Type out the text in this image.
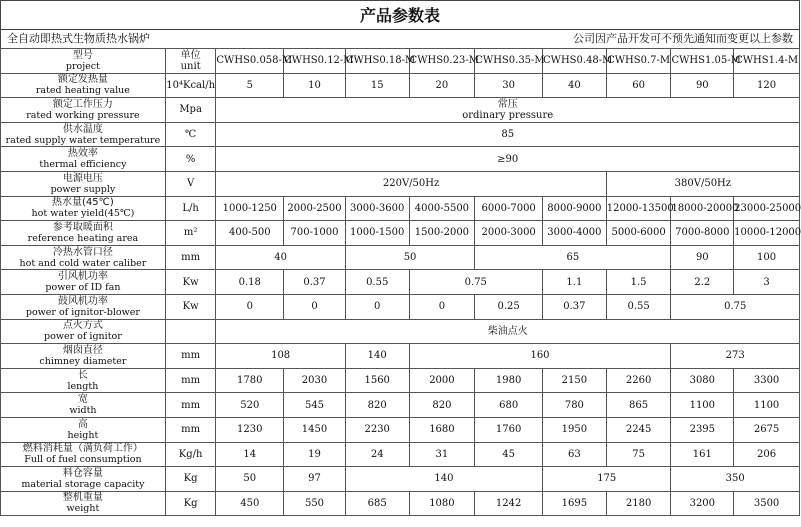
产品参数表
全自动即热式生物质热水锅炉	公司因产品开发可不预先通知而变更以上参数
型号
project	单位
unit	CWHS0.058-M	CWHS0.12-M	CWHS0.18-M	CWHS0.23-M	CWHS0.35-M	CWHS0.48-M	CWHS0.7-M	CWHS1.05-M	CWHS1.4-M

额定发热量
rated heating value	10⁴Kcal/h	5	10	15	20	30	40	60	90	120

额定工作压力
rated working pressure	Mpa	常压
ordinary pressure								

供水温度
rated supply water temperature	℃	85								

热效率
thermal efficiency	%	≥90								

电源电压
power supply	V	220V/50Hz						380V/50Hz		

热水量(45℃)
hot water yield(45℃)	L/h	1000-1250	2000-2500	3000-3600	4000-5500	6000-7000	8000-9000	12000-13500	18000-20000	23000-25000

参考取暖面积
reference heating area	m²	400-500	700-1000	1000-1500	1500-2000	2000-3000	3000-4000	5000-6000	7000-8000	10000-12000

冷热水管口径
hot and cold water caliber	mm	40		50		65			90	100

引风机功率
power of ID fan	Kw	0.18	0.37	0.55	0.75		1.1	1.5	2.2	3

鼓风机功率
power of ignitor-blower	Kw	0	0	0	0	0.25	0.37	0.55	0.75	

点火方式
power of ignitor		柴油点火								

烟囱直径
chimney diameter	mm	108		140	160				273	

长
length	mm	1780	2030	1560	2000	1980	2150	2260	3080	3300

宽
width	mm	520	545	820	820	680	780	865	1100	1100

高
height	mm	1230	1450	2230	1680	1760	1950	2245	2395	2675

燃料消耗量（满负荷工作）
Full of fuel consumption	Kg/h	14	19	24	31	45	63	75	161	206

料仓容量
material storage capacity	Kg	50	97	140			175		350	

整机重量
weight	Kg	450	550	685	1080	1242	1695	2180	3200	3500
